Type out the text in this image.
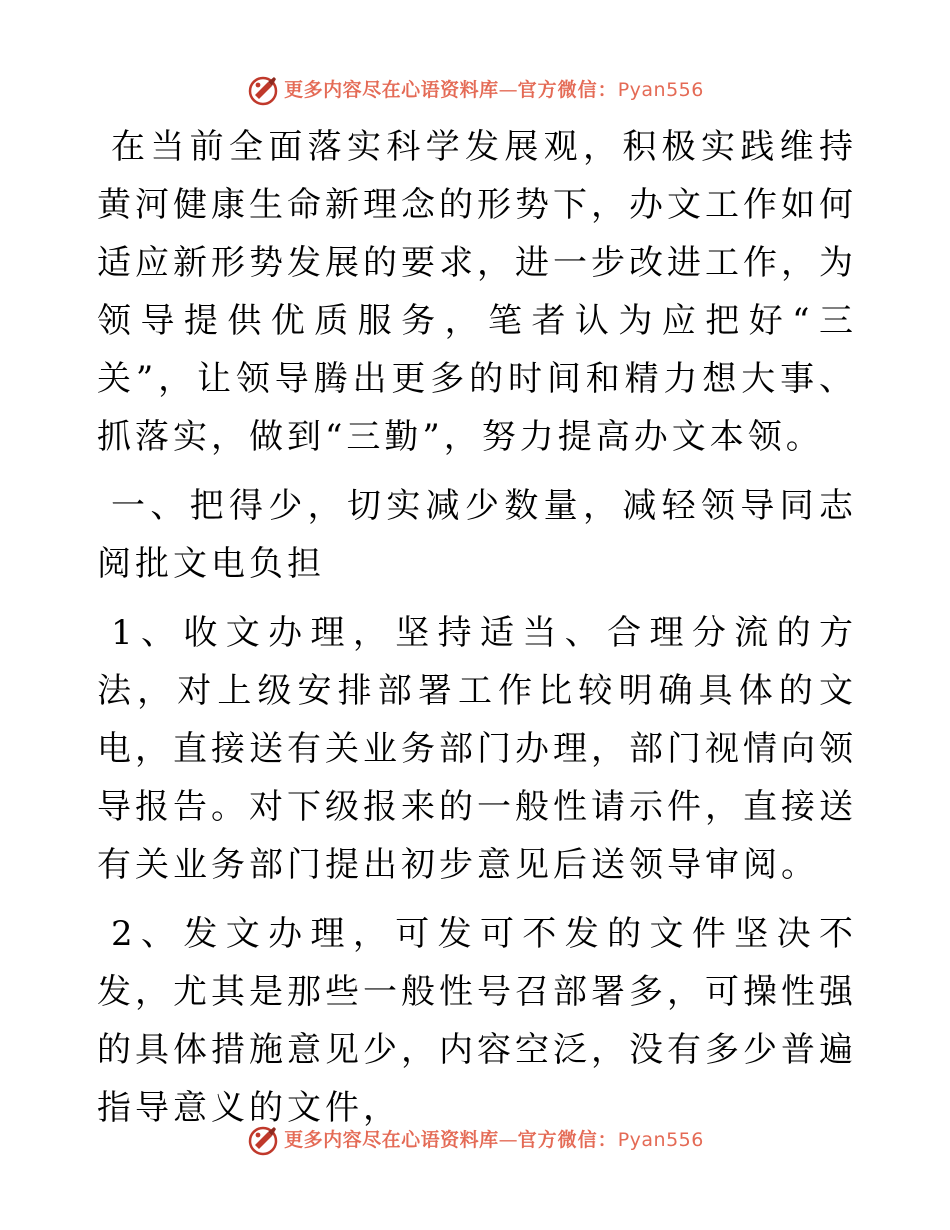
更多内容尽在心语资料库 — 官方微信： Pyan556

在当前全面落实科学发展观，积极实践维持黄河健康生命新理念的形势下，办文工作如何适应新形势发展的要求，进一步改进工作，为领导提供优质服务，笔者认为应把好“三关”，让领导腾出更多的时间和精力想大事、抓落实，做到“三勤”，努力提高办文本领。

一、把得少，切实减少数量，减轻领导同志阅批文电负担

1、收文办理，坚持适当、合理分流的方法，对上级安排部署工作比较明确具体的文电，直接送有关业务部门办理，部门视情向领导报告。对下级报来的一般性请示件，直接送有关业务部门提出初步意见后送领导审阅。

2、发文办理，可发可不发的文件坚决不发，尤其是那些一般性号召部署多，可操性强的具体措施意见少，内容空泛，没有多少普遍指导意义的文件，

更多内容尽在心语资料库 — 官方微信： Pyan556
